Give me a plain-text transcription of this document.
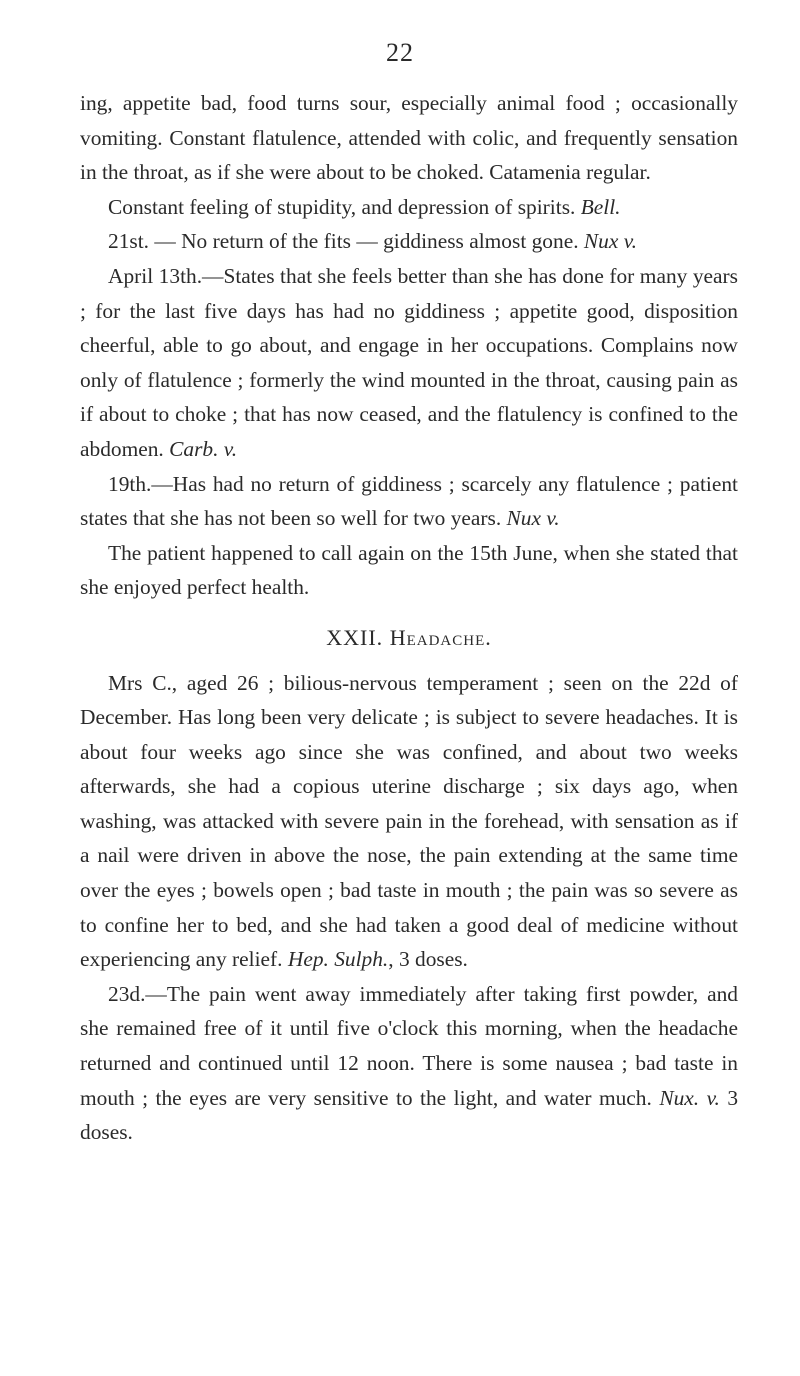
22

ing, appetite bad, food turns sour, especially animal food ; occasionally vomiting. Constant flatulence, attended with colic, and frequently sensation in the throat, as if she were about to be choked. Catamenia regular.

Constant feeling of stupidity, and depression of spirits. Bell.

21st. — No return of the fits — giddiness almost gone. Nux v.

April 13th.—States that she feels better than she has done for many years ; for the last five days has had no giddiness ; appetite good, disposition cheerful, able to go about, and engage in her occupations. Complains now only of flatulence ; formerly the wind mounted in the throat, causing pain as if about to choke ; that has now ceased, and the flatulency is confined to the abdomen. Carb. v.

19th.—Has had no return of giddiness ; scarcely any flatulence ; patient states that she has not been so well for two years. Nux v.

The patient happened to call again on the 15th June, when she stated that she enjoyed perfect health.

XXII. Headache.

Mrs C., aged 26 ; bilious-nervous temperament ; seen on the 22d of December. Has long been very delicate ; is subject to severe headaches. It is about four weeks ago since she was confined, and about two weeks afterwards, she had a copious uterine discharge ; six days ago, when washing, was attacked with severe pain in the forehead, with sensation as if a nail were driven in above the nose, the pain extending at the same time over the eyes ; bowels open ; bad taste in mouth ; the pain was so severe as to confine her to bed, and she had taken a good deal of medicine without experiencing any relief. Hep. Sulph., 3 doses.

23d.—The pain went away immediately after taking first powder, and she remained free of it until five o'clock this morning, when the headache returned and continued until 12 noon. There is some nausea ; bad taste in mouth ; the eyes are very sensitive to the light, and water much. Nux. v. 3 doses.
